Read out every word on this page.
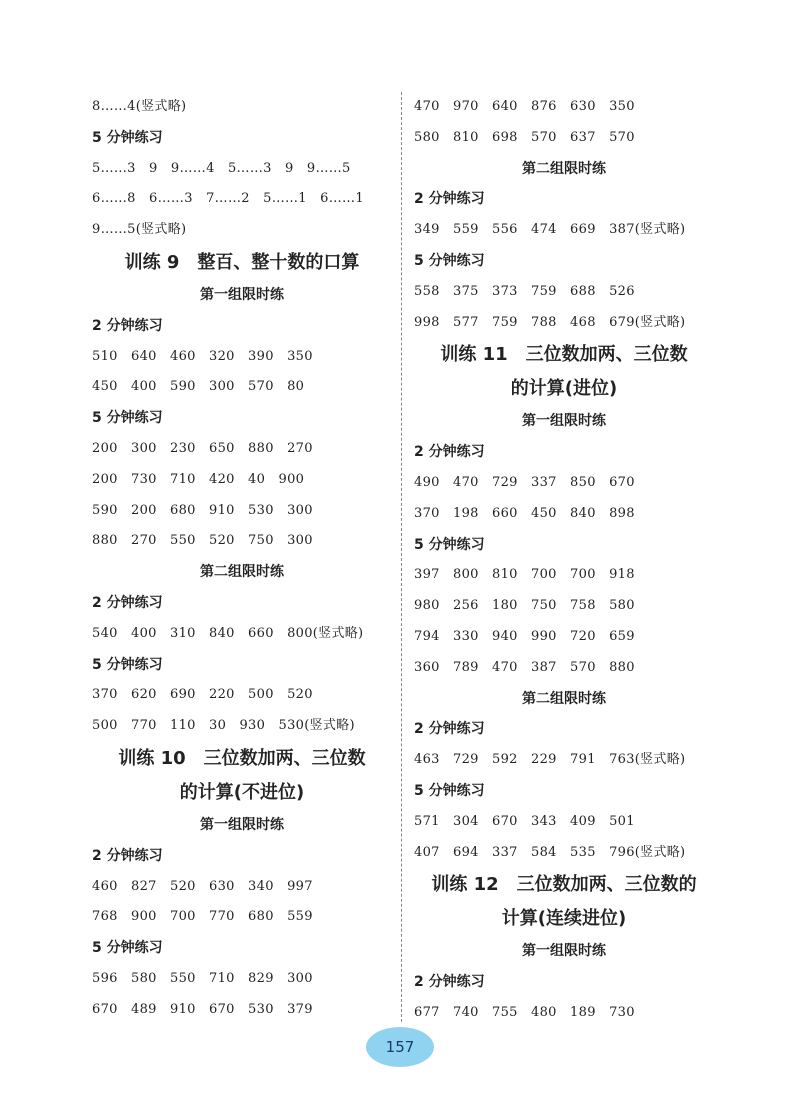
8……4(竖式略)
5 分钟练习
5……3　9　9……4　5……3　9　9……5
6……8　6……3　7……2　5……1　6……1
9……5(竖式略)
训练 9　整百、整十数的口算
第一组限时练
2 分钟练习
510　640　460　320　390　350
450　400　590　300　570　80
5 分钟练习
200　300　230　650　880　270
200　730　710　420　40　900
590　200　680　910　530　300
880　270　550　520　750　300
第二组限时练
2 分钟练习
540　400　310　840　660　800(竖式略)
5 分钟练习
370　620　690　220　500　520
500　770　110　30　930　530(竖式略)
训练 10　三位数加两、三位数
的计算(不进位)
第一组限时练
2 分钟练习
460　827　520　630　340　997
768　900　700　770　680　559
5 分钟练习
596　580　550　710　829　300
670　489　910　670　530　379
470　970　640　876　630　350
580　810　698　570　637　570
第二组限时练
2 分钟练习
349　559　556　474　669　387(竖式略)
5 分钟练习
558　375　373　759　688　526
998　577　759　788　468　679(竖式略)
训练 11　三位数加两、三位数
的计算(进位)
第一组限时练
2 分钟练习
490　470　729　337　850　670
370　198　660　450　840　898
5 分钟练习
397　800　810　700　700　918
980　256　180　750　758　580
794　330　940　990　720　659
360　789　470　387　570　880
第二组限时练
2 分钟练习
463　729　592　229　791　763(竖式略)
5 分钟练习
571　304　670　343　409　501
407　694　337　584　535　796(竖式略)
训练 12　三位数加两、三位数的
计算(连续进位)
第一组限时练
2 分钟练习
677　740　755　480　189　730
157
